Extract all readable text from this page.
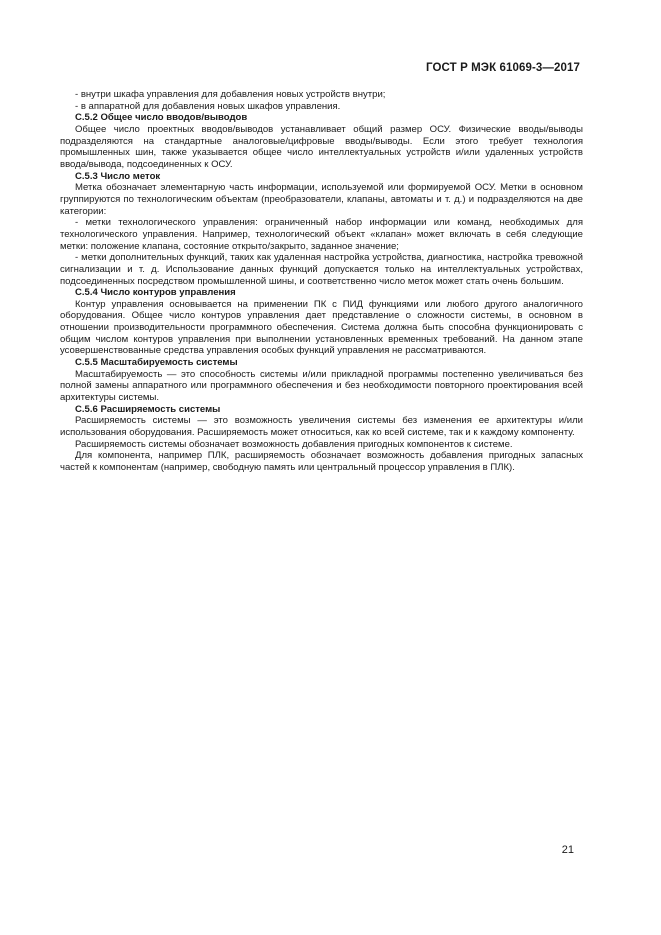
ГОСТ Р МЭК 61069-3—2017

- внутри шкафа управления для добавления новых устройств внутри;

- в аппаратной для добавления новых шкафов управления.

C.5.2 Общее число вводов/выводов

Общее число проектных вводов/выводов устанавливает общий размер ОСУ. Физические вводы/выводы подразделяются на стандартные аналоговые/цифровые вводы/выводы. Если этого требует технология промышленных шин, также указывается общее число интеллектуальных устройств и/или удаленных устройств ввода/вывода, подсоединенных к ОСУ.

C.5.3 Число меток

Метка обозначает элементарную часть информации, используемой или формируемой ОСУ. Метки в основном группируются по технологическим объектам (преобразователи, клапаны, автоматы и т. д.) и подразделяются на две категории:

- метки технологического управления: ограниченный набор информации или команд, необходимых для технологического управления. Например, технологический объект «клапан» может включать в себя следующие метки: положение клапана, состояние открыто/закрыто, заданное значение;

- метки дополнительных функций, таких как удаленная настройка устройства, диагностика, настройка тревожной сигнализации и т. д. Использование данных функций допускается только на интеллектуальных устройствах, подсоединенных посредством промышленной шины, и соответственно число меток может стать очень большим.

C.5.4 Число контуров управления

Контур управления основывается на применении ПК с ПИД функциями или любого другого аналогичного оборудования. Общее число контуров управления дает представление о сложности системы, в основном в отношении производительности программного обеспечения. Система должна быть способна функционировать с общим числом контуров управления при выполнении установленных временных требований. На данном этапе усовершенствованные средства управления особых функций управления не рассматриваются.

C.5.5 Масштабируемость системы

Масштабируемость — это способность системы и/или прикладной программы постепенно увеличиваться без полной замены аппаратного или программного обеспечения и без необходимости повторного проектирования всей архитектуры системы.

C.5.6 Расширяемость системы

Расширяемость системы — это возможность увеличения системы без изменения ее архитектуры и/или использования оборудования. Расширяемость может относиться, как ко всей системе, так и к каждому компоненту.

Расширяемость системы обозначает возможность добавления пригодных компонентов к системе.

Для компонента, например ПЛК, расширяемость обозначает возможность добавления пригодных запасных частей к компонентам (например, свободную память или центральный процессор управления в ПЛК).

21
